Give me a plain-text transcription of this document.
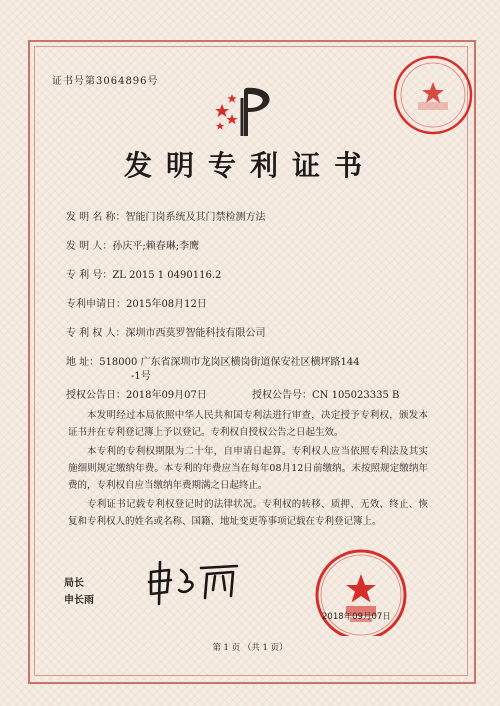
证书号第3064896号
发明专利证书
发 明 名 称：智能门岗系统及其门禁检测方法
发 明 人：孙庆平;赖春琳;李鹰
专 利 号：ZL 2015 1 0490116.2
专利申请日：2015年08月12日
专 利 权 人：深圳市西莫罗智能科技有限公司
地 址：518000 广东省深圳市龙岗区横岗街道保安社区横坪路144
-1号
授权公告日：2018年09月07日	授权公告号：CN 105023335 B
本发明经过本局依照中华人民共和国专利法进行审查，决定授予专利权，颁发本证书并在专利登记簿上予以登记。专利权自授权公告之日起生效。
本专利的专利权期限为二十年，自申请日起算。专利权人应当依照专利法及其实施细则规定缴纳年费。本专利的年费应当在每年08月12日前缴纳。未按照规定缴纳年费的，专利权自应当缴纳年费期满之日起终止。
专利证书记载专利权登记时的法律状况。专利权的转移、质押、无效、终止、恢复和专利权人的姓名或名称、国籍、地址变更等事项记载在专利登记簿上。
局长
申长雨
2018年09月07日
第 1 页 （共 1 页）
